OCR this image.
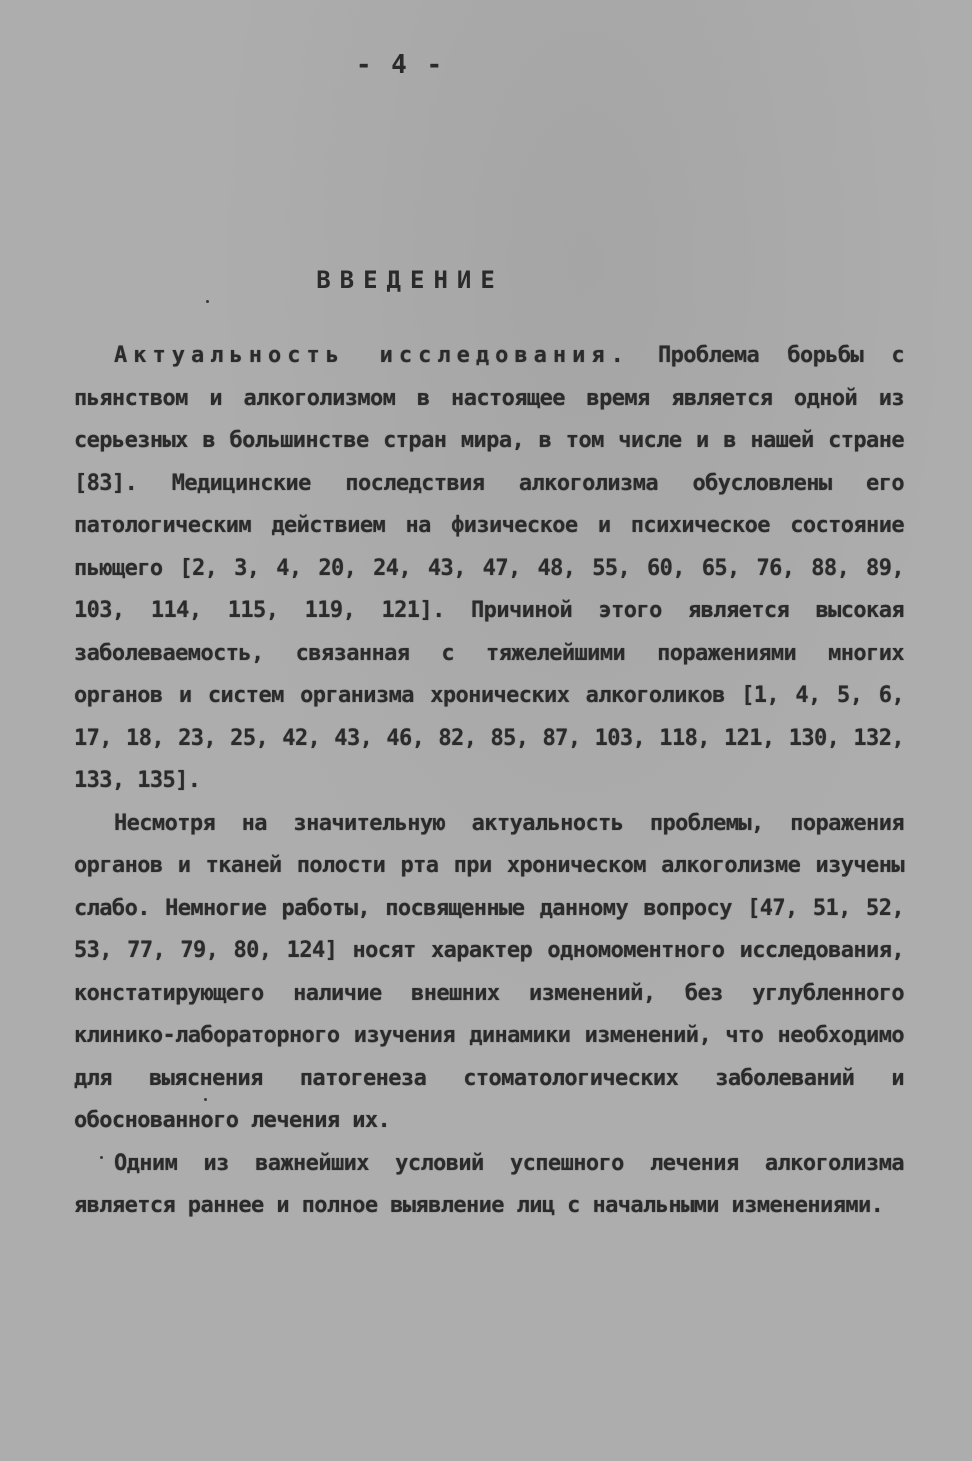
- 4 -
ВВЕДЕНИЕ

Актуальность исследования. Проблема борьбы с пьянством и алкоголизмом в настоящее время является одной из серьезных в большинстве стран мира, в том числе и в нашей стране [83]. Медицинские последствия алкоголизма обусловлены его патологическим действием на физическое и психическое состояние пьющего [2, 3, 4, 20, 24, 43, 47, 48, 55, 60, 65, 76, 88, 89, 103, 114, 115, 119, 121]. Причиной этого является высокая заболеваемость, связанная с тяжелейшими поражениями многих органов и систем организма хронических алкоголиков [1, 4, 5, 6, 17, 18, 23, 25, 42, 43, 46, 82, 85, 87, 103, 118, 121, 130, 132, 133, 135].

Несмотря на значительную актуальность проблемы, поражения органов и тканей полости рта при хроническом алкоголизме изучены слабо. Немногие работы, посвященные данному вопросу [47, 51, 52, 53, 77, 79, 80, 124] носят характер одномоментного исследования, констатирующего наличие внешних изменений, без углубленного клинико-лабораторного изучения динамики изменений, что необходимо для выяснения патогенеза стоматологических заболеваний и обоснованного лечения их.

Одним из важнейших условий успешного лечения алкоголизма является раннее и полное выявление лиц с начальными изменениями.
